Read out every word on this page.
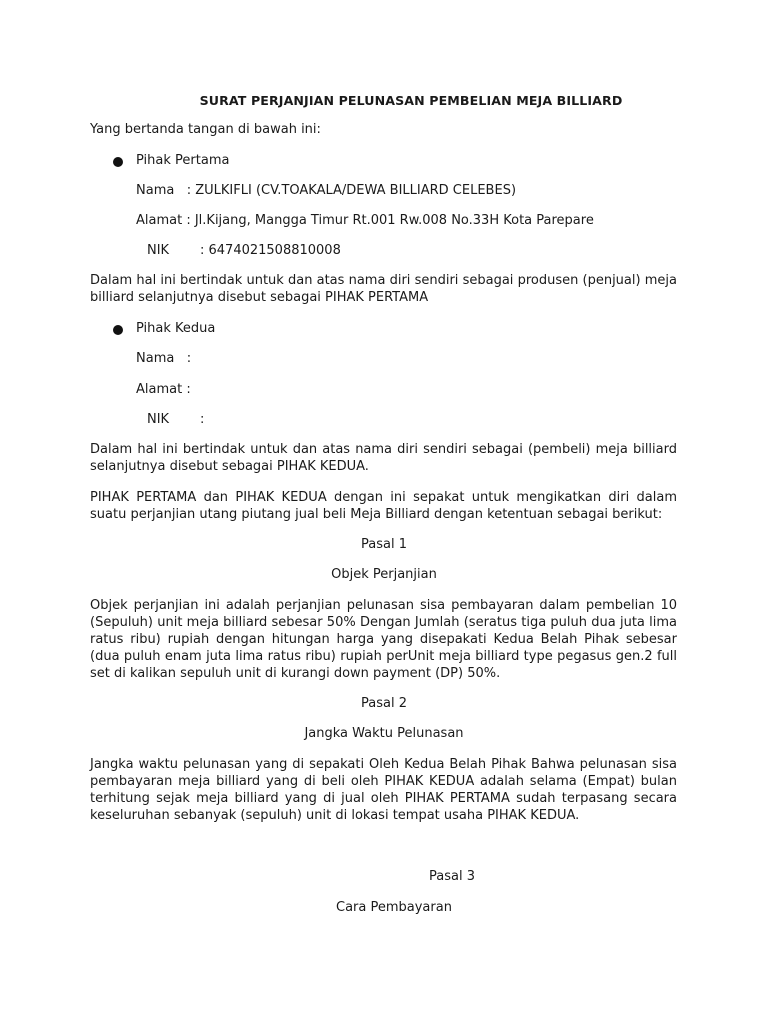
SURAT PERJANJIAN PELUNASAN PEMBELIAN MEJA BILLIARD
Yang bertanda tangan di bawah ini:
Pihak Pertama
Nama   : ZULKIFLI (CV.TOAKALA/DEWA BILLIARD CELEBES)
Alamat : Jl.Kijang, Mangga Timur Rt.001 Rw.008 No.33H Kota Parepare
NIK : 6474021508810008
Dalam hal ini bertindak untuk dan atas nama diri sendiri sebagai produsen (penjual) meja billiard selanjutnya disebut sebagai PIHAK PERTAMA
Pihak Kedua
Nama   :
Alamat :
NIK :
Dalam hal ini bertindak untuk dan atas nama diri sendiri sebagai (pembeli) meja billiard selanjutnya disebut sebagai PIHAK KEDUA.
PIHAK PERTAMA dan PIHAK KEDUA dengan ini sepakat untuk mengikatkan diri dalam suatu perjanjian utang piutang jual beli Meja Billiard dengan ketentuan sebagai berikut:
Pasal 1
Objek Perjanjian
Objek perjanjian ini adalah perjanjian pelunasan sisa pembayaran dalam pembelian 10 (Sepuluh) unit meja billiard sebesar 50% Dengan Jumlah (seratus tiga puluh dua juta lima ratus ribu) rupiah dengan hitungan harga yang disepakati Kedua Belah Pihak sebesar (dua puluh enam juta lima ratus ribu) rupiah perUnit meja billiard type pegasus gen.2 full set di kalikan sepuluh unit di kurangi down payment (DP) 50%.
Pasal 2
Jangka Waktu Pelunasan
Jangka waktu pelunasan yang di sepakati Oleh Kedua Belah Pihak Bahwa pelunasan sisa pembayaran meja billiard yang di beli oleh PIHAK KEDUA adalah selama (Empat) bulan terhitung sejak meja billiard yang di jual oleh PIHAK PERTAMA sudah terpasang secara keseluruhan sebanyak (sepuluh) unit di lokasi tempat usaha PIHAK KEDUA.
Pasal 3
Cara Pembayaran
